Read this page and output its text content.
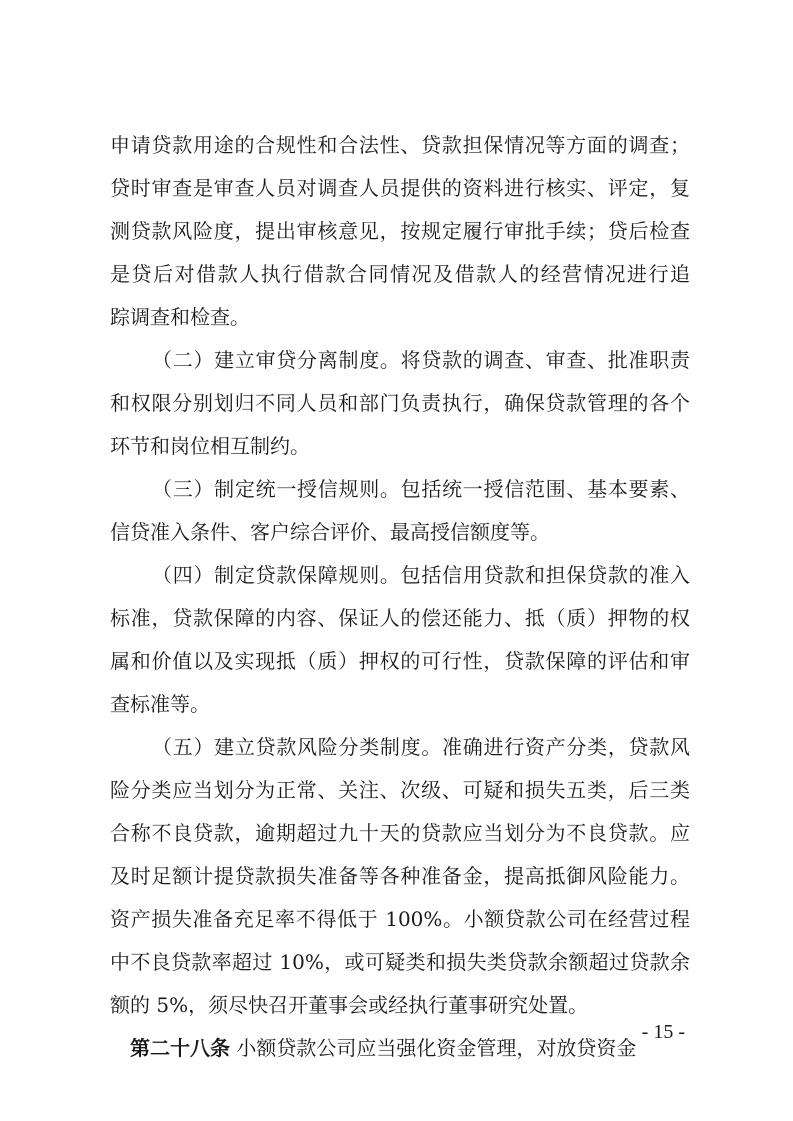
申请贷款用途的合规性和合法性、贷款担保情况等方面的调查；
贷时审查是审查人员对调查人员提供的资料进行核实、评定，复
测贷款风险度，提出审核意见，按规定履行审批手续；贷后检查
是贷后对借款人执行借款合同情况及借款人的经营情况进行追
踪调查和检查。
（二）建立审贷分离制度。将贷款的调查、审查、批准职责
和权限分别划归不同人员和部门负责执行，确保贷款管理的各个
环节和岗位相互制约。
（三）制定统一授信规则。包括统一授信范围、基本要素、
信贷准入条件、客户综合评价、最高授信额度等。
（四）制定贷款保障规则。包括信用贷款和担保贷款的准入
标准，贷款保障的内容、保证人的偿还能力、抵（质）押物的权
属和价值以及实现抵（质）押权的可行性，贷款保障的评估和审
查标准等。
（五）建立贷款风险分类制度。准确进行资产分类，贷款风
险分类应当划分为正常、关注、次级、可疑和损失五类，后三类
合称不良贷款，逾期超过九十天的贷款应当划分为不良贷款。应
及时足额计提贷款损失准备等各种准备金，提高抵御风险能力。
资产损失准备充足率不得低于 100%。小额贷款公司在经营过程
中不良贷款率超过 10%，或可疑类和损失类贷款余额超过贷款余
额的 5%，须尽快召开董事会或经执行董事研究处置。
第二十八条 小额贷款公司应当强化资金管理，对放贷资金
- 15 -
